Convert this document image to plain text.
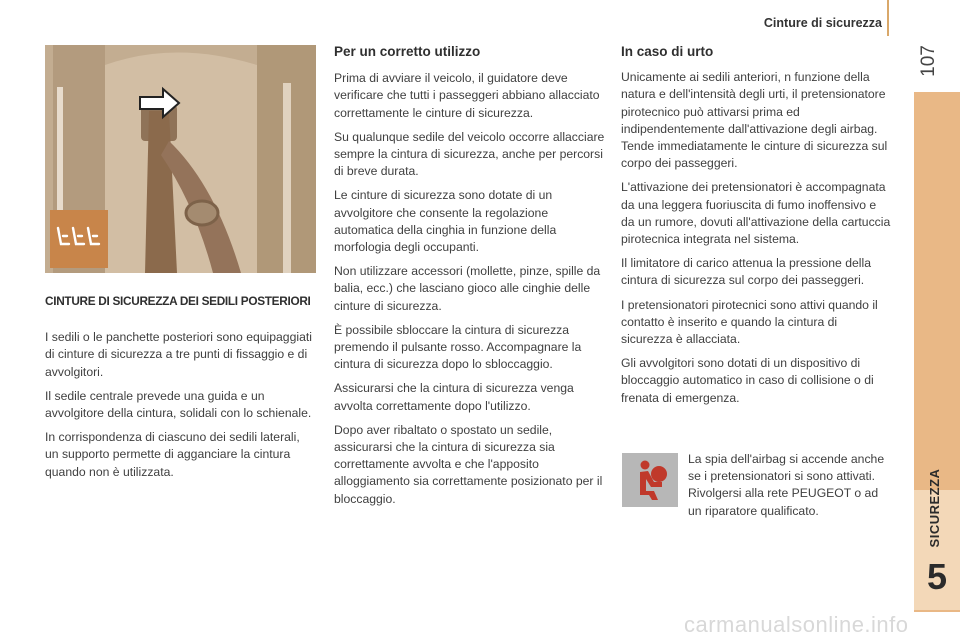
Cinture di sicurezza
107
SICUREZZA
5
CINTURE DI SICUREZZA DEI SEDILI POSTERIORI

I sedili o le panchette posteriori sono equipaggiati di cinture di sicurezza a tre punti di fissaggio e di avvolgitori.

Il sedile centrale prevede una guida e un avvolgitore della cintura, solidali con lo schienale.

In corrispondenza di ciascuno dei sedili laterali, un supporto permette di agganciare la cintura quando non è utilizzata.

Per un corretto utilizzo

Prima di avviare il veicolo, il guidatore deve verificare che tutti i passeggeri abbiano allacciato correttamente le cinture di sicurezza.

Su qualunque sedile del veicolo occorre allacciare sempre la cintura di sicurezza, anche per percorsi di breve durata.

Le cinture di sicurezza sono dotate di un avvolgitore che consente la regolazione automatica della cinghia in funzione della morfologia degli occupanti.

Non utilizzare accessori (mollette, pinze, spille da balia, ecc.) che lasciano gioco alle cinghie delle cinture di sicurezza.

È possibile sbloccare la cintura di sicurezza premendo il pulsante rosso. Accompagnare la cintura di sicurezza dopo lo sbloccaggio.

Assicurarsi che la cintura di sicurezza venga avvolta correttamente dopo l'utilizzo.

Dopo aver ribaltato o spostato un sedile, assicurarsi che la cintura di sicurezza sia correttamente avvolta e che l'apposito alloggiamento sia correttamente posizionato per il bloccaggio.

In caso di urto

Unicamente ai sedili anteriori, n funzione della natura e dell'intensità degli urti, il pretensionatore pirotecnico può attivarsi prima ed indipendentemente dall'attivazione degli airbag. Tende immediatamente le cinture di sicurezza sul corpo dei passeggeri.

L'attivazione dei pretensionatori è accompagnata da una leggera fuoriuscita di fumo inoffensivo e da un rumore, dovuti all'attivazione della cartuccia pirotecnica integrata nel sistema.

Il limitatore di carico attenua la pressione della cintura di sicurezza sul corpo dei passeggeri.

I pretensionatori pirotecnici sono attivi quando il contatto è inserito e quando la cintura di sicurezza è allacciata.

Gli avvolgitori sono dotati di un dispositivo di bloccaggio automatico in caso di collisione o di frenata di emergenza.

La spia dell'airbag si accende anche se i pretensionatori si sono attivati. Rivolgersi alla rete PEUGEOT o ad un riparatore qualificato.
carmanualsonline.info
